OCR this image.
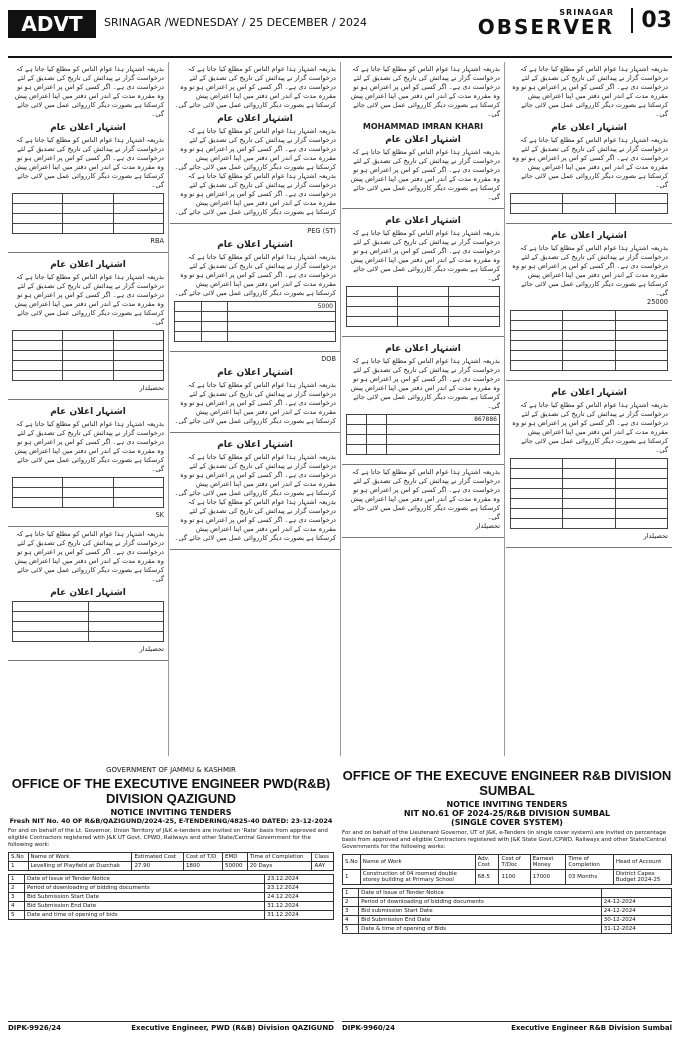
ADVT	SRINAGAR /WEDNESDAY / 25 DECEMBER / 2024
SRINAGAR
OBSERVER	03
بذریعہ اشتہار ہذا عوام الناس کو مطلع کیا جاتا ہے کہ درخواست گزار نے پیدائش کی تاریخ کی تصدیق کے لئے درخواست دی ہے۔ اگر کسی کو اس پر اعتراض ہو تو وہ مقررہ مدت کے اندر اس دفتر میں اپنا اعتراض پیش کرسکتا ہے بصورت دیگر کارروائی عمل میں لائی جائے گی۔
اشتہار اعلان عام
بذریعہ اشتہار ہذا عوام الناس کو مطلع کیا جاتا ہے کہ درخواست گزار نے پیدائش کی تاریخ کی تصدیق کے لئے درخواست دی ہے۔ اگر کسی کو اس پر اعتراض ہو تو وہ مقررہ مدت کے اندر اس دفتر میں اپنا اعتراض پیش کرسکتا ہے بصورت دیگر کارروائی عمل میں لائی جائے گی۔

RBA
اشتہار اعلان عام
بذریعہ اشتہار ہذا عوام الناس کو مطلع کیا جاتا ہے کہ درخواست گزار نے پیدائش کی تاریخ کی تصدیق کے لئے درخواست دی ہے۔ اگر کسی کو اس پر اعتراض ہو تو وہ مقررہ مدت کے اندر اس دفتر میں اپنا اعتراض پیش کرسکتا ہے بصورت دیگر کارروائی عمل میں لائی جائے گی۔

تحصیلدار
اشتہار اعلان عام
بذریعہ اشتہار ہذا عوام الناس کو مطلع کیا جاتا ہے کہ درخواست گزار نے پیدائش کی تاریخ کی تصدیق کے لئے درخواست دی ہے۔ اگر کسی کو اس پر اعتراض ہو تو وہ مقررہ مدت کے اندر اس دفتر میں اپنا اعتراض پیش کرسکتا ہے بصورت دیگر کارروائی عمل میں لائی جائے گی۔

SK
بذریعہ اشتہار ہذا عوام الناس کو مطلع کیا جاتا ہے کہ درخواست گزار نے پیدائش کی تاریخ کی تصدیق کے لئے درخواست دی ہے۔ اگر کسی کو اس پر اعتراض ہو تو وہ مقررہ مدت کے اندر اس دفتر میں اپنا اعتراض پیش کرسکتا ہے بصورت دیگر کارروائی عمل میں لائی جائے گی۔
اشتہار اعلان عام

تحصیلدار
بذریعہ اشتہار ہذا عوام الناس کو مطلع کیا جاتا ہے کہ درخواست گزار نے پیدائش کی تاریخ کی تصدیق کے لئے درخواست دی ہے۔ اگر کسی کو اس پر اعتراض ہو تو وہ مقررہ مدت کے اندر اس دفتر میں اپنا اعتراض پیش کرسکتا ہے بصورت دیگر کارروائی عمل میں لائی جائے گی۔
اشتہار اعلان عام
بذریعہ اشتہار ہذا عوام الناس کو مطلع کیا جاتا ہے کہ درخواست گزار نے پیدائش کی تاریخ کی تصدیق کے لئے درخواست دی ہے۔ اگر کسی کو اس پر اعتراض ہو تو وہ مقررہ مدت کے اندر اس دفتر میں اپنا اعتراض پیش کرسکتا ہے بصورت دیگر کارروائی عمل میں لائی جائے گی۔
بذریعہ اشتہار ہذا عوام الناس کو مطلع کیا جاتا ہے کہ درخواست گزار نے پیدائش کی تاریخ کی تصدیق کے لئے درخواست دی ہے۔ اگر کسی کو اس پر اعتراض ہو تو وہ مقررہ مدت کے اندر اس دفتر میں اپنا اعتراض پیش کرسکتا ہے بصورت دیگر کارروائی عمل میں لائی جائے گی۔
PEG (ST)
اشتہار اعلان عام
بذریعہ اشتہار ہذا عوام الناس کو مطلع کیا جاتا ہے کہ درخواست گزار نے پیدائش کی تاریخ کی تصدیق کے لئے درخواست دی ہے۔ اگر کسی کو اس پر اعتراض ہو تو وہ مقررہ مدت کے اندر اس دفتر میں اپنا اعتراض پیش کرسکتا ہے بصورت دیگر کارروائی عمل میں لائی جائے گی۔
5000		

DOB
اشتہار اعلان عام
بذریعہ اشتہار ہذا عوام الناس کو مطلع کیا جاتا ہے کہ درخواست گزار نے پیدائش کی تاریخ کی تصدیق کے لئے درخواست دی ہے۔ اگر کسی کو اس پر اعتراض ہو تو وہ مقررہ مدت کے اندر اس دفتر میں اپنا اعتراض پیش کرسکتا ہے بصورت دیگر کارروائی عمل میں لائی جائے گی۔
اشتہار اعلان عام
بذریعہ اشتہار ہذا عوام الناس کو مطلع کیا جاتا ہے کہ درخواست گزار نے پیدائش کی تاریخ کی تصدیق کے لئے درخواست دی ہے۔ اگر کسی کو اس پر اعتراض ہو تو وہ مقررہ مدت کے اندر اس دفتر میں اپنا اعتراض پیش کرسکتا ہے بصورت دیگر کارروائی عمل میں لائی جائے گی۔
بذریعہ اشتہار ہذا عوام الناس کو مطلع کیا جاتا ہے کہ درخواست گزار نے پیدائش کی تاریخ کی تصدیق کے لئے درخواست دی ہے۔ اگر کسی کو اس پر اعتراض ہو تو وہ مقررہ مدت کے اندر اس دفتر میں اپنا اعتراض پیش کرسکتا ہے بصورت دیگر کارروائی عمل میں لائی جائے گی۔
بذریعہ اشتہار ہذا عوام الناس کو مطلع کیا جاتا ہے کہ درخواست گزار نے پیدائش کی تاریخ کی تصدیق کے لئے درخواست دی ہے۔ اگر کسی کو اس پر اعتراض ہو تو وہ مقررہ مدت کے اندر اس دفتر میں اپنا اعتراض پیش کرسکتا ہے بصورت دیگر کارروائی عمل میں لائی جائے گی۔
MOHAMMAD IMRAN KHARI
اشتہار اعلان عام
بذریعہ اشتہار ہذا عوام الناس کو مطلع کیا جاتا ہے کہ درخواست گزار نے پیدائش کی تاریخ کی تصدیق کے لئے درخواست دی ہے۔ اگر کسی کو اس پر اعتراض ہو تو وہ مقررہ مدت کے اندر اس دفتر میں اپنا اعتراض پیش کرسکتا ہے بصورت دیگر کارروائی عمل میں لائی جائے گی۔
اشتہار اعلان عام
بذریعہ اشتہار ہذا عوام الناس کو مطلع کیا جاتا ہے کہ درخواست گزار نے پیدائش کی تاریخ کی تصدیق کے لئے درخواست دی ہے۔ اگر کسی کو اس پر اعتراض ہو تو وہ مقررہ مدت کے اندر اس دفتر میں اپنا اعتراض پیش کرسکتا ہے بصورت دیگر کارروائی عمل میں لائی جائے گی۔

اشتہار اعلان عام
بذریعہ اشتہار ہذا عوام الناس کو مطلع کیا جاتا ہے کہ درخواست گزار نے پیدائش کی تاریخ کی تصدیق کے لئے درخواست دی ہے۔ اگر کسی کو اس پر اعتراض ہو تو وہ مقررہ مدت کے اندر اس دفتر میں اپنا اعتراض پیش کرسکتا ہے بصورت دیگر کارروائی عمل میں لائی جائے گی۔
867886		

بذریعہ اشتہار ہذا عوام الناس کو مطلع کیا جاتا ہے کہ درخواست گزار نے پیدائش کی تاریخ کی تصدیق کے لئے درخواست دی ہے۔ اگر کسی کو اس پر اعتراض ہو تو وہ مقررہ مدت کے اندر اس دفتر میں اپنا اعتراض پیش کرسکتا ہے بصورت دیگر کارروائی عمل میں لائی جائے گی۔
تحصیلدار
بذریعہ اشتہار ہذا عوام الناس کو مطلع کیا جاتا ہے کہ درخواست گزار نے پیدائش کی تاریخ کی تصدیق کے لئے درخواست دی ہے۔ اگر کسی کو اس پر اعتراض ہو تو وہ مقررہ مدت کے اندر اس دفتر میں اپنا اعتراض پیش کرسکتا ہے بصورت دیگر کارروائی عمل میں لائی جائے گی۔
اشتہار اعلان عام
بذریعہ اشتہار ہذا عوام الناس کو مطلع کیا جاتا ہے کہ درخواست گزار نے پیدائش کی تاریخ کی تصدیق کے لئے درخواست دی ہے۔ اگر کسی کو اس پر اعتراض ہو تو وہ مقررہ مدت کے اندر اس دفتر میں اپنا اعتراض پیش کرسکتا ہے بصورت دیگر کارروائی عمل میں لائی جائے گی۔

اشتہار اعلان عام
بذریعہ اشتہار ہذا عوام الناس کو مطلع کیا جاتا ہے کہ درخواست گزار نے پیدائش کی تاریخ کی تصدیق کے لئے درخواست دی ہے۔ اگر کسی کو اس پر اعتراض ہو تو وہ مقررہ مدت کے اندر اس دفتر میں اپنا اعتراض پیش کرسکتا ہے بصورت دیگر کارروائی عمل میں لائی جائے گی۔
25000

اشتہار اعلان عام
بذریعہ اشتہار ہذا عوام الناس کو مطلع کیا جاتا ہے کہ درخواست گزار نے پیدائش کی تاریخ کی تصدیق کے لئے درخواست دی ہے۔ اگر کسی کو اس پر اعتراض ہو تو وہ مقررہ مدت کے اندر اس دفتر میں اپنا اعتراض پیش کرسکتا ہے بصورت دیگر کارروائی عمل میں لائی جائے گی۔

تحصیلدار
GOVERNMENT OF JAMMU & KASHMIR
OFFICE OF THE EXECUTIVE ENGINEER PWD(R&B) DIVISION QAZIGUND
NOTICE INVITING TENDERS
Fresh NIT No. 40 OF R&B/QAZIGUND/2024-25, E-TENDERING/4825-40 DATED: 23-12-2024
For and on behalf of the Lt. Governor, Union Territory of J&K e-tenders are invited on 'Rate' basis from approved and eligible Contractors registered with J&K UT Govt, CPWD, Railways and other State/Central Government for the following work:
S.No	Name of Work	Estimated Cost	Cost of T/D	EMD	Time of Completion	Class
1	Levelling of Playfield at Duzchak	27.90	1800	50000	20 Days	AAY
1	Date of Issue of Tender Notice	23.12.2024
2	Period of downloading of bidding documents	23.12.2024
3	Bid Submission Start Date	24.12.2024
4	Bid Submission End Date	31.12.2024
5	Date and time of opening of bids	31.12.2024
DIPK-9926/24	Executive Engineer, PWD (R&B) Division QAZIGUND
OFFICE OF THE EXECUVE ENGINEER R&B DIVISION SUMBAL
NOTICE INVITING TENDERS
NIT NO.61 OF 2024-25/R&B DIVISION SUMBAL
(SINGLE COVER SYSTEM)
For and on behalf of the Lieutenant Governor, UT of J&K, e-Tenders (in single cover system) are invited on percentage basis from approved and eligible Contractors registered with J&K State Govt./CPWD, Railways and other State/Central Governments for the following works:
S.No	Name of Work	Adv. Cost	Cost of T/Doc	Earnest Money	Time of Completion	Head of Account
1	Construction of 04 roomed double storey building at Primary School	68.5	1100	17000	03 Months	District Capex Budget 2024-25
1	Date of Issue of Tender Notice	
2	Period of downloading of bidding documents	24-12-2024
3	Bid submission Start Date	24-12-2024
4	Bid Submission End Date	30-12-2024
5	Date & time of opening of Bids	31-12-2024
DIPK-9960/24	Executive Engineer R&B Division Sumbal
